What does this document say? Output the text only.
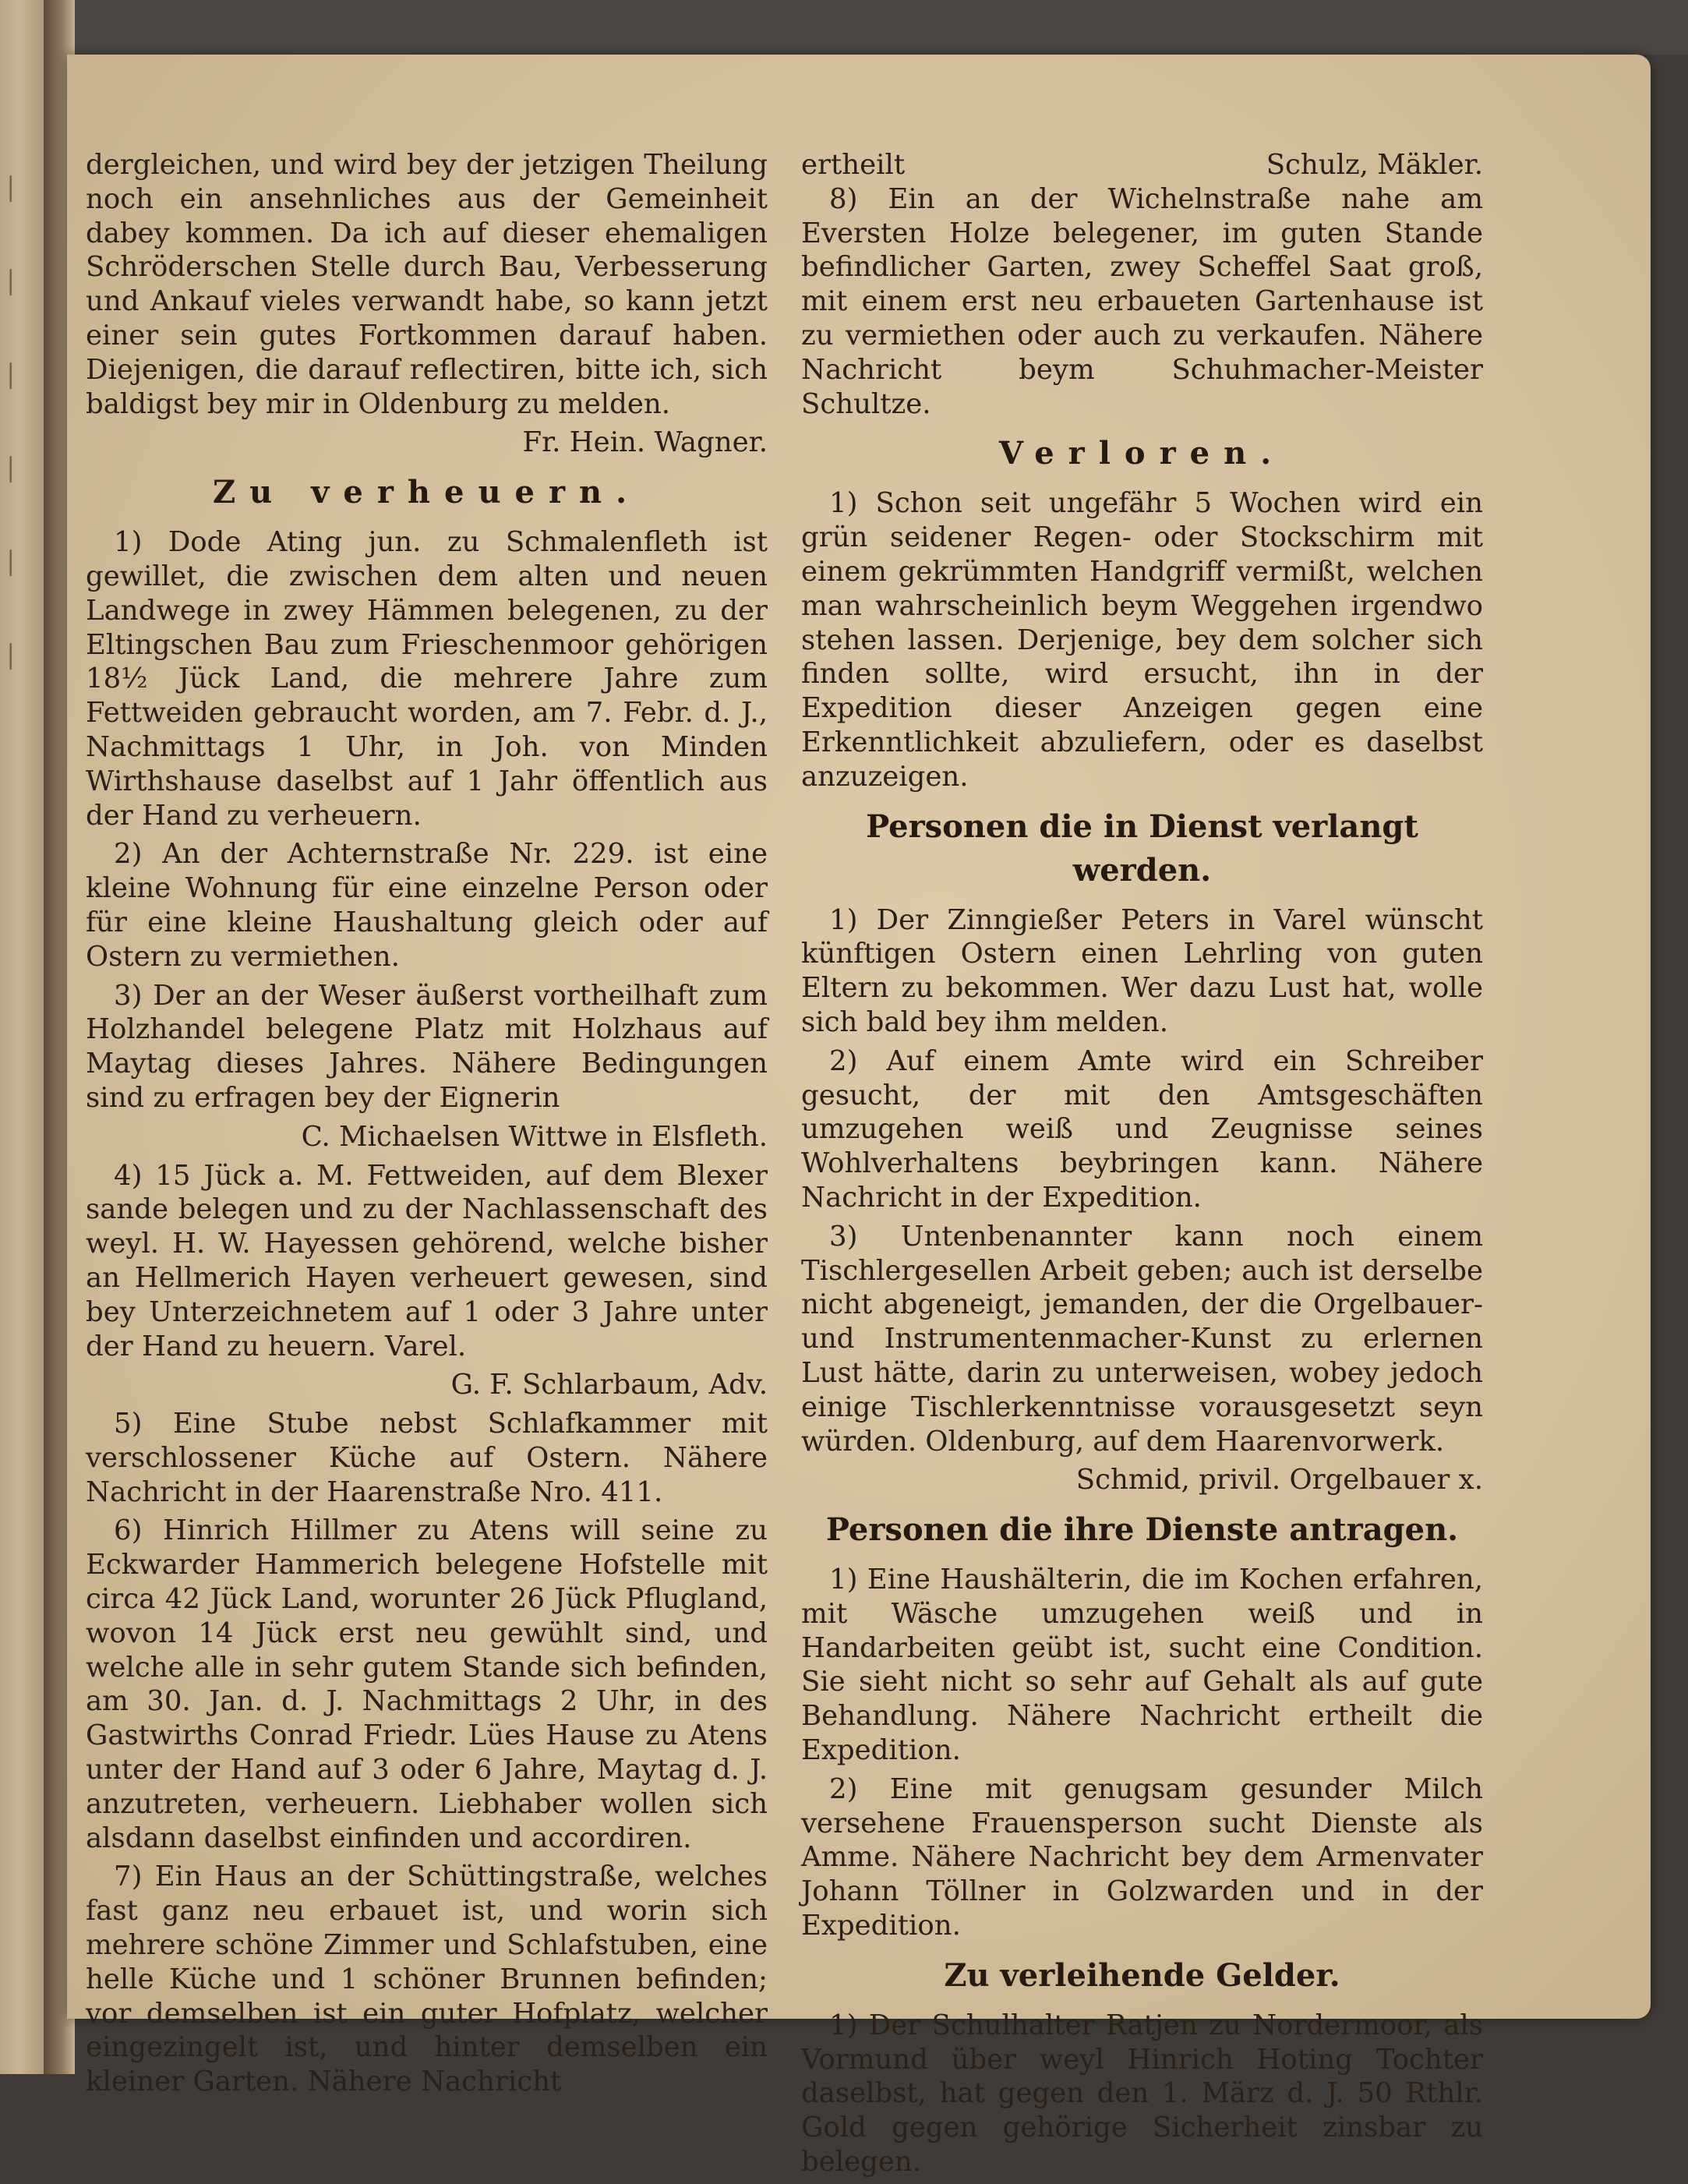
|
|
|
|
|
|

dergleichen, und wird bey der jetzigen Theilung noch ein ansehnliches aus der Gemeinheit dabey kommen. Da ich auf dieser ehemaligen Schröderschen Stelle durch Bau, Verbesserung und Ankauf vieles verwandt habe, so kann jetzt einer sein gutes Fortkommen darauf haben. Diejenigen, die darauf reflectiren, bitte ich, sich baldigst bey mir in Oldenburg zu melden.

Fr. Hein. Wagner.

Zu verheuern.

1) Dode Ating jun. zu Schmalenfleth ist gewillet, die zwischen dem alten und neuen Landwege in zwey Hämmen belegenen, zu der Eltingschen Bau zum Frieschenmoor gehörigen 18½ Jück Land, die mehrere Jahre zum Fettweiden gebraucht worden, am 7. Febr. d. J., Nachmittags 1 Uhr, in Joh. von Minden Wirthshause daselbst auf 1 Jahr öffentlich aus der Hand zu verheuern.

2) An der Achternstraße Nr. 229. ist eine kleine Wohnung für eine einzelne Person oder für eine kleine Haushaltung gleich oder auf Ostern zu vermiethen.

3) Der an der Weser äußerst vortheilhaft zum Holzhandel belegene Platz mit Holzhaus auf Maytag dieses Jahres. Nähere Bedingungen sind zu erfragen bey der Eignerin

C. Michaelsen Wittwe in Elsfleth.

4) 15 Jück a. M. Fettweiden, auf dem Blexer sande belegen und zu der Nachlassenschaft des weyl. H. W. Hayessen gehörend, welche bisher an Hellmerich Hayen verheuert gewesen, sind bey Unterzeichnetem auf 1 oder 3 Jahre unter der Hand zu heuern. Varel.

G. F. Schlarbaum, Adv.

5) Eine Stube nebst Schlafkammer mit verschlossener Küche auf Ostern. Nähere Nachricht in der Haarenstraße Nro. 411.

6) Hinrich Hillmer zu Atens will seine zu Eckwarder Hammerich belegene Hofstelle mit circa 42 Jück Land, worunter 26 Jück Pflugland, wovon 14 Jück erst neu gewühlt sind, und welche alle in sehr gutem Stande sich befinden, am 30. Jan. d. J. Nachmittags 2 Uhr, in des Gastwirths Conrad Friedr. Lües Hause zu Atens unter der Hand auf 3 oder 6 Jahre, Maytag d. J. anzutreten, verheuern. Liebhaber wollen sich alsdann daselbst einfinden und accordiren.

7) Ein Haus an der Schüttingstraße, welches fast ganz neu erbauet ist, und worin sich mehrere schöne Zimmer und Schlafstuben, eine helle Küche und 1 schöner Brunnen befinden; vor demselben ist ein guter Hofplatz, welcher eingezingelt ist, und hinter demselben ein kleiner Garten. Nähere Nachricht

ertheilt	Schulz, Mäkler.

8) Ein an der Wichelnstraße nahe am Eversten Holze belegener, im guten Stande befindlicher Garten, zwey Scheffel Saat groß, mit einem erst neu erbaueten Gartenhause ist zu vermiethen oder auch zu verkaufen. Nähere Nachricht beym Schuhmacher-Meister Schultze.

Verloren.

1) Schon seit ungefähr 5 Wochen wird ein grün seidener Regen- oder Stockschirm mit einem gekrümmten Handgriff vermißt, welchen man wahrscheinlich beym Weggehen irgendwo stehen lassen. Derjenige, bey dem solcher sich finden sollte, wird ersucht, ihn in der Expedition dieser Anzeigen gegen eine Erkenntlichkeit abzuliefern, oder es daselbst anzuzeigen.

Personen die in Dienst verlangt werden.

1) Der Zinngießer Peters in Varel wünscht künftigen Ostern einen Lehrling von guten Eltern zu bekommen. Wer dazu Lust hat, wolle sich bald bey ihm melden.

2) Auf einem Amte wird ein Schreiber gesucht, der mit den Amtsgeschäften umzugehen weiß und Zeugnisse seines Wohlverhaltens beybringen kann. Nähere Nachricht in der Expedition.

3) Untenbenannter kann noch einem Tischlergesellen Arbeit geben; auch ist derselbe nicht abgeneigt, jemanden, der die Orgelbauer- und Instrumentenmacher-Kunst zu erlernen Lust hätte, darin zu unterweisen, wobey jedoch einige Tischlerkenntnisse vorausgesetzt seyn würden. Oldenburg, auf dem Haarenvorwerk.

Schmid, privil. Orgelbauer x.

Personen die ihre Dienste antragen.

1) Eine Haushälterin, die im Kochen erfahren, mit Wäsche umzugehen weiß und in Handarbeiten geübt ist, sucht eine Condition. Sie sieht nicht so sehr auf Gehalt als auf gute Behandlung. Nähere Nachricht ertheilt die Expedition.

2) Eine mit genugsam gesunder Milch versehene Frauensperson sucht Dienste als Amme. Nähere Nachricht bey dem Armenvater Johann Töllner in Golzwarden und in der Expedition.

Zu verleihende Gelder.

1) Der Schulhalter Ratjen zu Nordermoor, als Vormund über weyl Hinrich Hoting Tochter daselbst, hat gegen den 1. März d. J. 50 Rthlr. Gold gegen gehörige Sicherheit zinsbar zu belegen.
